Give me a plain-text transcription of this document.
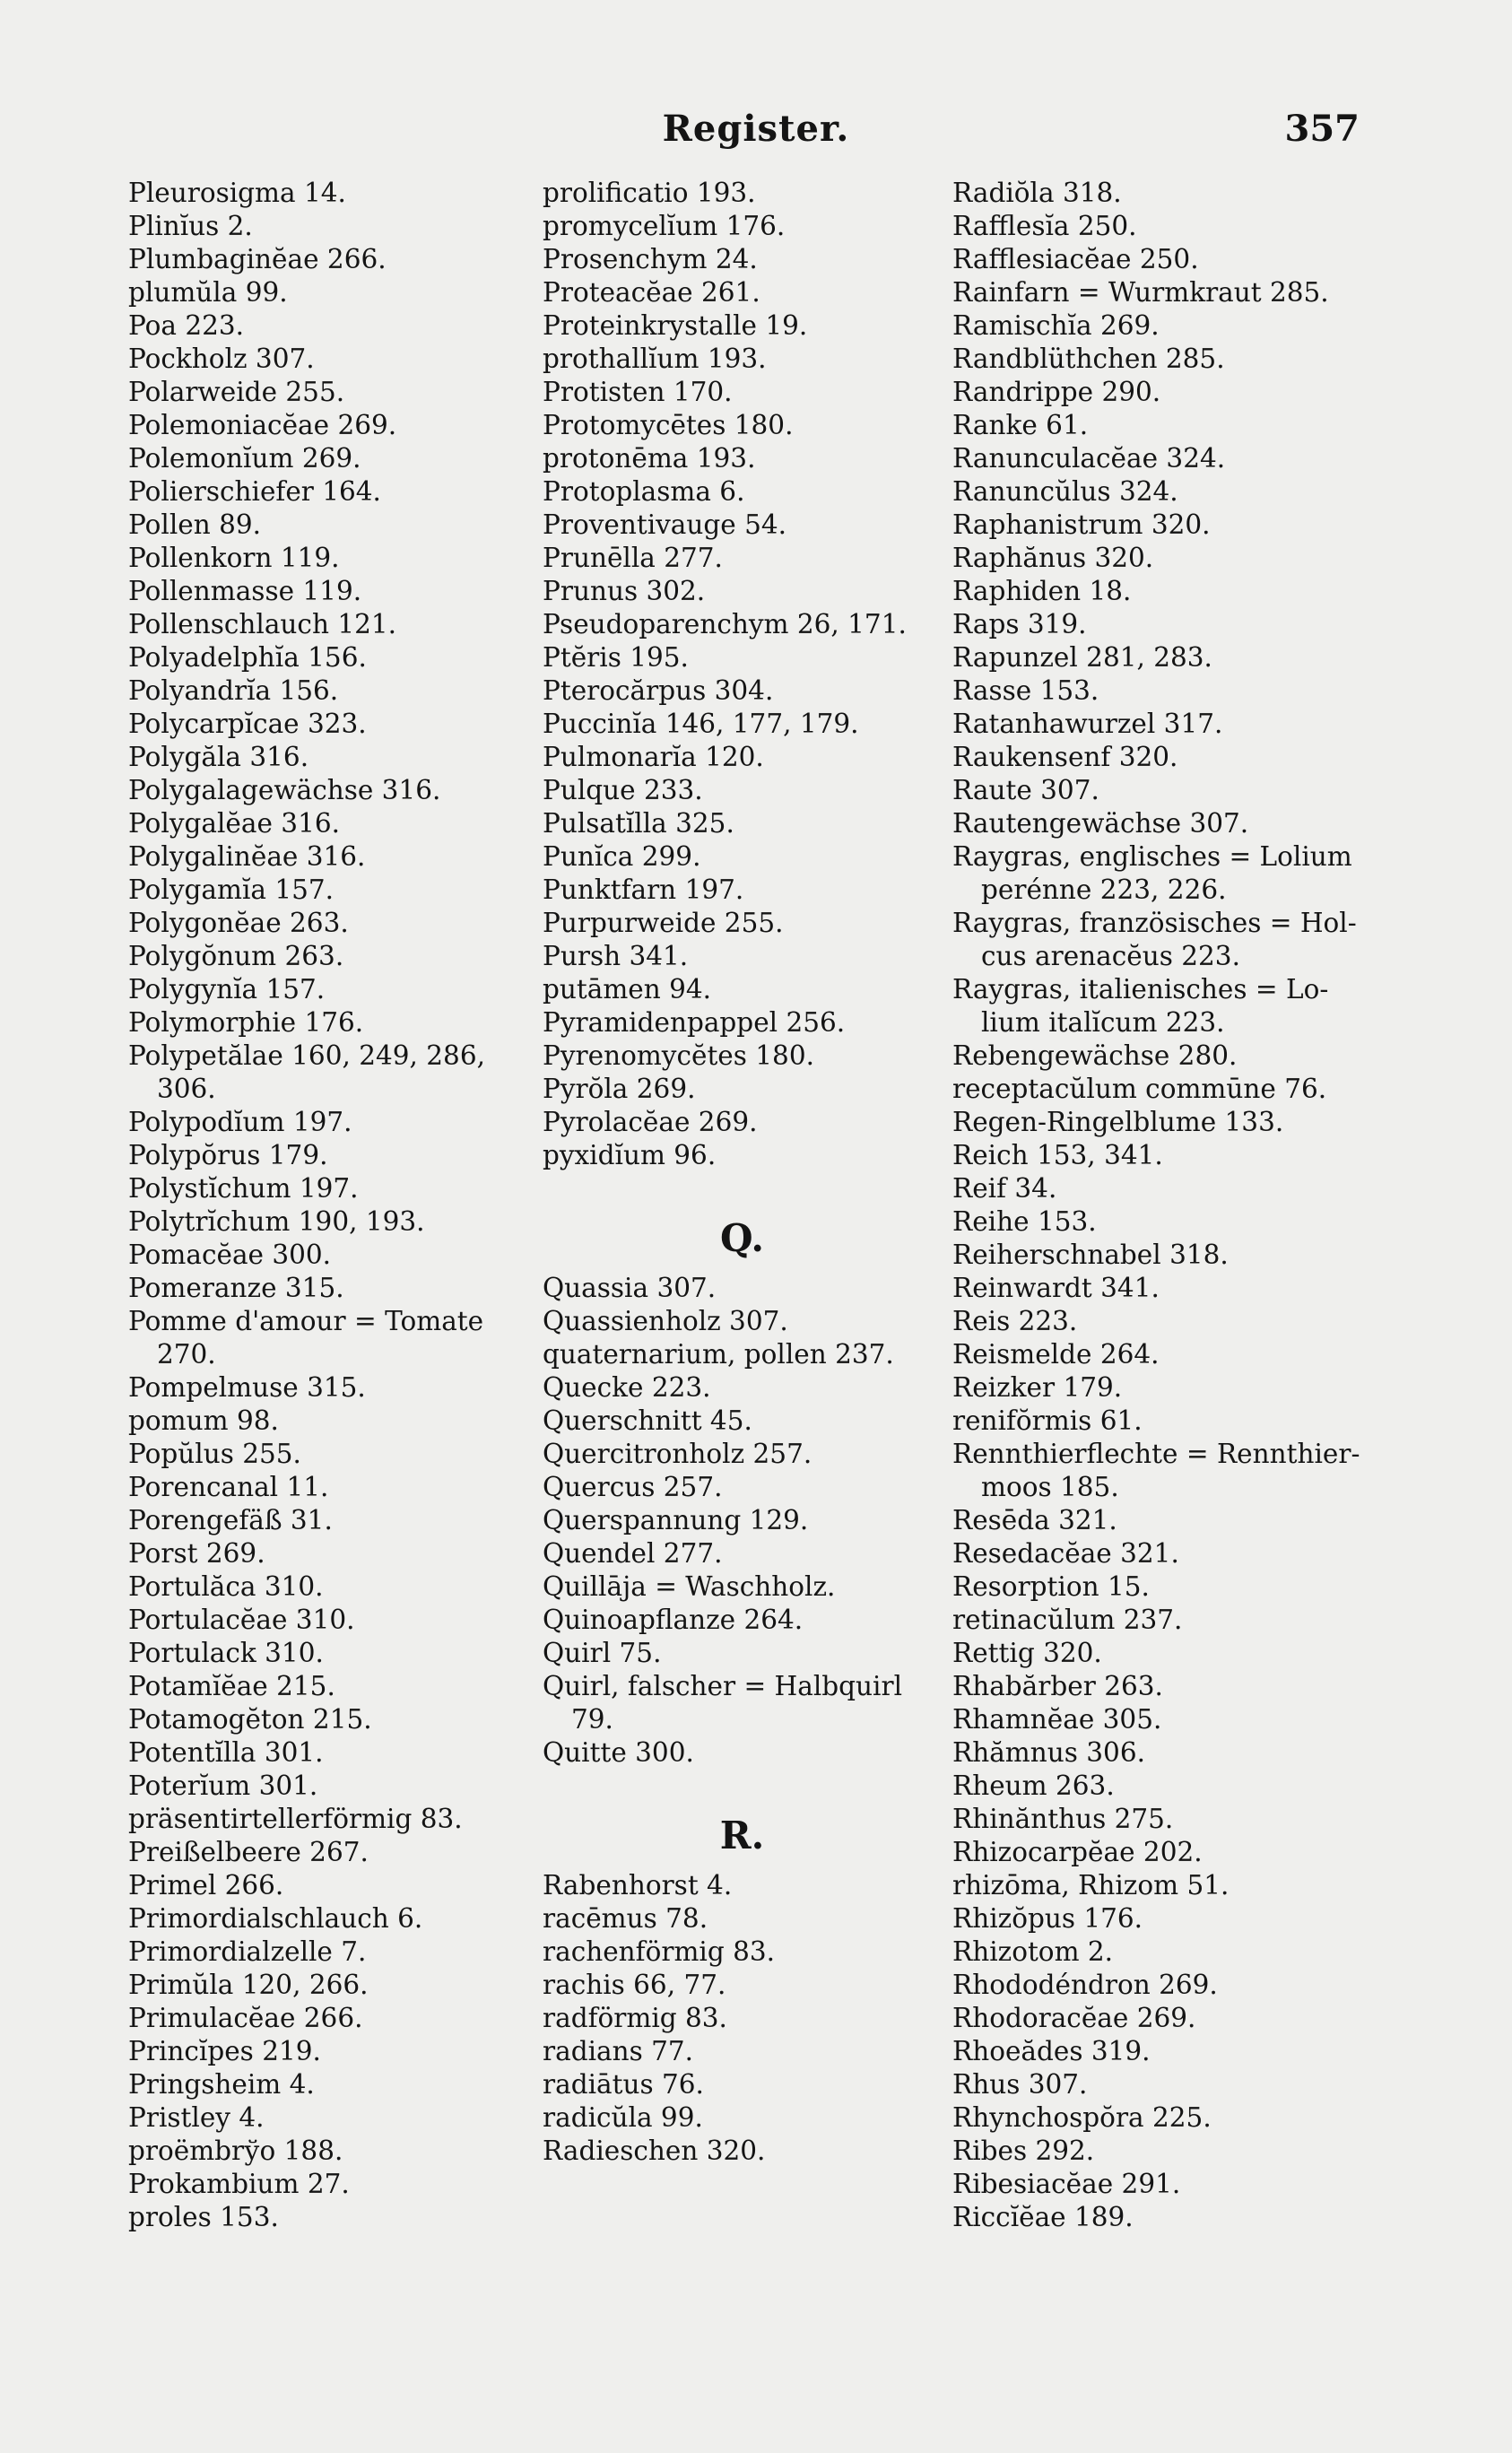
Register.	357
Pleurosigma 14.
Plinĭus 2.
Plumbaginĕae 266.
plumŭla 99.
Poa 223.
Pockholz 307.
Polarweide 255.
Polemoniacĕae 269.
Polemonĭum 269.
Polierschiefer 164.
Pollen 89.
Pollenkorn 119.
Pollenmasse 119.
Pollenschlauch 121.
Polyadelphĭa 156.
Polyandrĭa 156.
Polycarpĭcae 323.
Polygăla 316.
Polygalagewächse 316.
Polygalĕae 316.
Polygalinĕae 316.
Polygamĭa 157.
Polygonĕae 263.
Polygŏnum 263.
Polygynĭa 157.
Polymorphie 176.
Polypetălae 160, 249, 286,
306.
Polypodĭum 197.
Polypŏrus 179.
Polystĭchum 197.
Polytrĭchum 190, 193.
Pomacĕae 300.
Pomeranze 315.
Pomme d'amour = Tomate
270.
Pompelmuse 315.
pomum 98.
Popŭlus 255.
Porencanal 11.
Porengefäß 31.
Porst 269.
Portulăca 310.
Portulacĕae 310.
Portulack 310.
Potamĭĕae 215.
Potamogĕton 215.
Potentĭlla 301.
Poterĭum 301.
präsentirtellerförmig 83.
Preißelbeere 267.
Primel 266.
Primordialschlauch 6.
Primordialzelle 7.
Primŭla 120, 266.
Primulacĕae 266.
Princĭpes 219.
Pringsheim 4.
Pristley 4.
proëmbrўo 188.
Prokambium 27.
proles 153.
prolificatio 193.
promycelĭum 176.
Prosenchym 24.
Proteacĕae 261.
Proteinkrystalle 19.
prothallĭum 193.
Protisten 170.
Protomycētes 180.
protonēma 193.
Protoplasma 6.
Proventivauge 54.
Prunēlla 277.
Prunus 302.
Pseudoparenchym 26, 171.
Ptĕris 195.
Pterocărpus 304.
Puccinĭa 146, 177, 179.
Pulmonarĭa 120.
Pulque 233.
Pulsatĭlla 325.
Punĭca 299.
Punktfarn 197.
Purpurweide 255.
Pursh 341.
putāmen 94.
Pyramidenpappel 256.
Pyrenomycĕtes 180.
Pyrŏla 269.
Pyrolacĕae 269.
pyxidĭum 96.
Q.
Quassia 307.
Quassienholz 307.
quaternarium, pollen 237.
Quecke 223.
Querschnitt 45.
Quercitronholz 257.
Quercus 257.
Querspannung 129.
Quendel 277.
Quillāja = Waschholz.
Quinoapflanze 264.
Quirl 75.
Quirl, falscher = Halbquirl
79.
Quitte 300.
R.
Rabenhorst 4.
racēmus 78.
rachenförmig 83.
rachis 66, 77.
radförmig 83.
radians 77.
radiātus 76.
radicŭla 99.
Radieschen 320.
Radiŏla 318.
Rafflesĭa 250.
Rafflesiacĕae 250.
Rainfarn = Wurmkraut 285.
Ramischĭa 269.
Randblüthchen 285.
Randrippe 290.
Ranke 61.
Ranunculacĕae 324.
Ranuncŭlus 324.
Raphanistrum 320.
Raphănus 320.
Raphiden 18.
Raps 319.
Rapunzel 281, 283.
Rasse 153.
Ratanhawurzel 317.
Raukensenf 320.
Raute 307.
Rautengewächse 307.
Raygras, englisches = Lolium
perénne 223, 226.
Raygras, französisches = Hol-
cus arenacĕus 223.
Raygras, italienisches = Lo-
lium italĭcum 223.
Rebengewächse 280.
receptacŭlum commūne 76.
Regen-Ringelblume 133.
Reich 153, 341.
Reif 34.
Reihe 153.
Reiherschnabel 318.
Reinwardt 341.
Reis 223.
Reismelde 264.
Reizker 179.
renifŏrmis 61.
Rennthierflechte = Rennthier-
moos 185.
Resēda 321.
Resedacĕae 321.
Resorption 15.
retinacŭlum 237.
Rettig 320.
Rhabărber 263.
Rhamnĕae 305.
Rhămnus 306.
Rheum 263.
Rhinănthus 275.
Rhizocarpĕae 202.
rhizōma, Rhizom 51.
Rhizŏpus 176.
Rhizotom 2.
Rhododéndron 269.
Rhodoracĕae 269.
Rhoeădes 319.
Rhus 307.
Rhynchospŏra 225.
Ribes 292.
Ribesiacĕae 291.
Riccĭĕae 189.
